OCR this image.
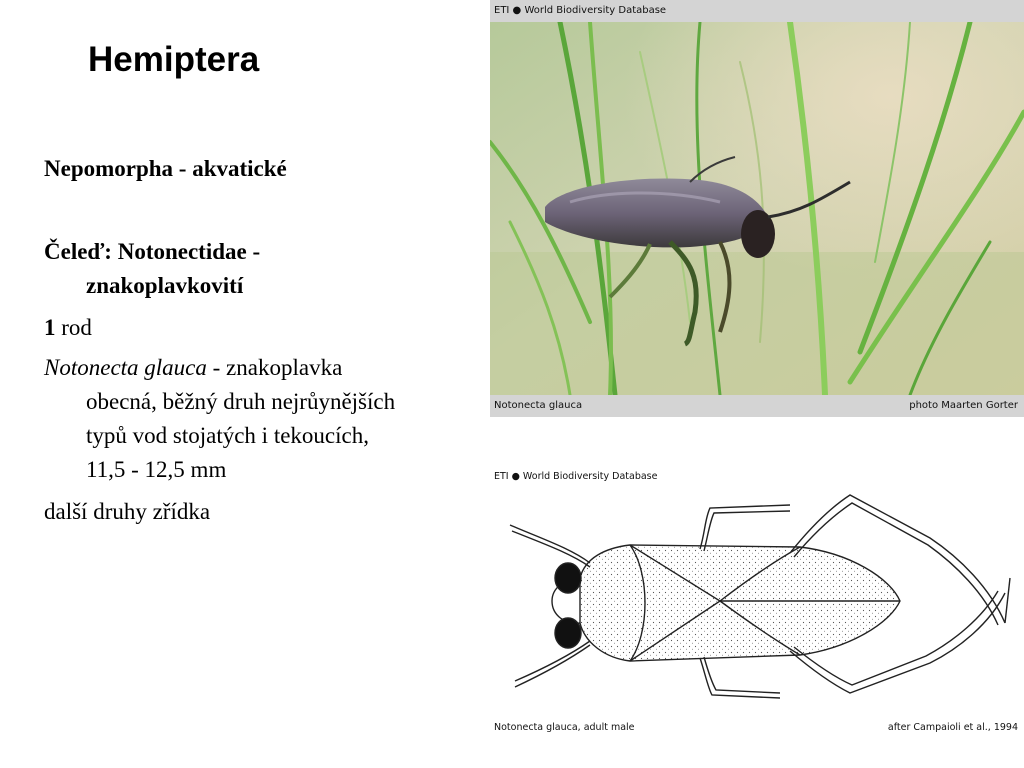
Hemiptera
Nepomorpha - akvatické
Čeleď: Notonectidae -
znakoplavkovití
1 rod
Notonecta glauca - znakoplavka
obecná, běžný druh nejrůynějších
typů vod stojatých i tekoucích,
11,5 - 12,5 mm
další druhy zřídka
ETI ● World Biodiversity Database
Notonecta glauca	photo Maarten Gorter
ETI ● World Biodiversity Database
Notonecta glauca, adult male	after Campaioli et al., 1994
